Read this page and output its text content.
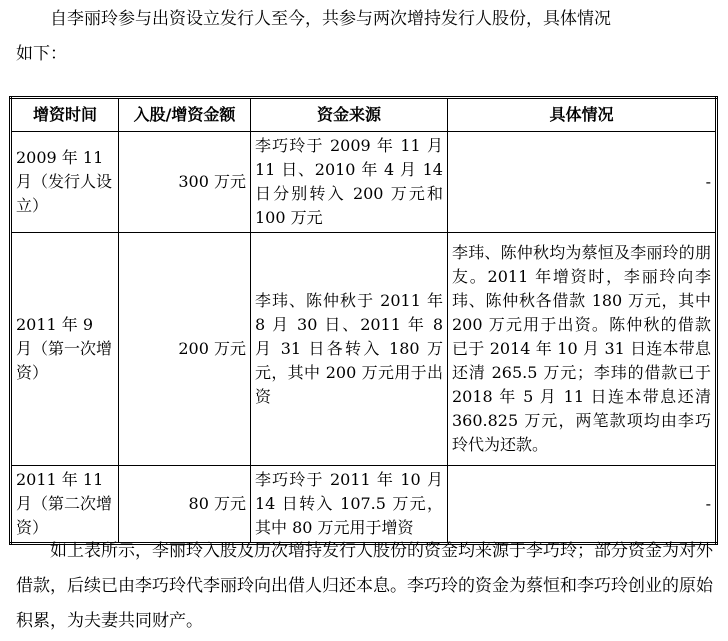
自李丽玲参与出资设立发行人至今，共参与两次增持发行人股份，具体情况
如下：

增资时间	入股/增资金额	资金来源	具体情况
2009 年 11 月（发行人设立）	300 万元	李巧玲于 2009 年 11 月 11 日、2010 年 4 月 14 日分别转入 200 万元和 100 万元	-
2011 年 9 月（第一次增资）	200 万元	李玮、陈仲秋于 2011 年 8 月 30 日、2011 年 8 月 31 日各转入 180 万元，其中 200 万元用于出资	李玮、陈仲秋均为蔡恒及李丽玲的朋友。2011 年增资时，李丽玲向李玮、陈仲秋各借款 180 万元，其中 200 万元用于出资。陈仲秋的借款已于 2014 年 10 月 31 日连本带息还清 265.5 万元；李玮的借款已于 2018 年 5 月 11 日连本带息还清 360.825 万元，两笔款项均由李巧玲代为还款。
2011 年 11 月（第二次增资）	80 万元	李巧玲于 2011 年 10 月 14 日转入 107.5 万元，其中 80 万元用于增资	-

如上表所示，李丽玲入股及历次增持发行人股份的资金均来源于李巧玲；部分资金为对外借款，后续已由李巧玲代李丽玲向出借人归还本息。李巧玲的资金为蔡恒和李巧玲创业的原始积累，为夫妻共同财产。
